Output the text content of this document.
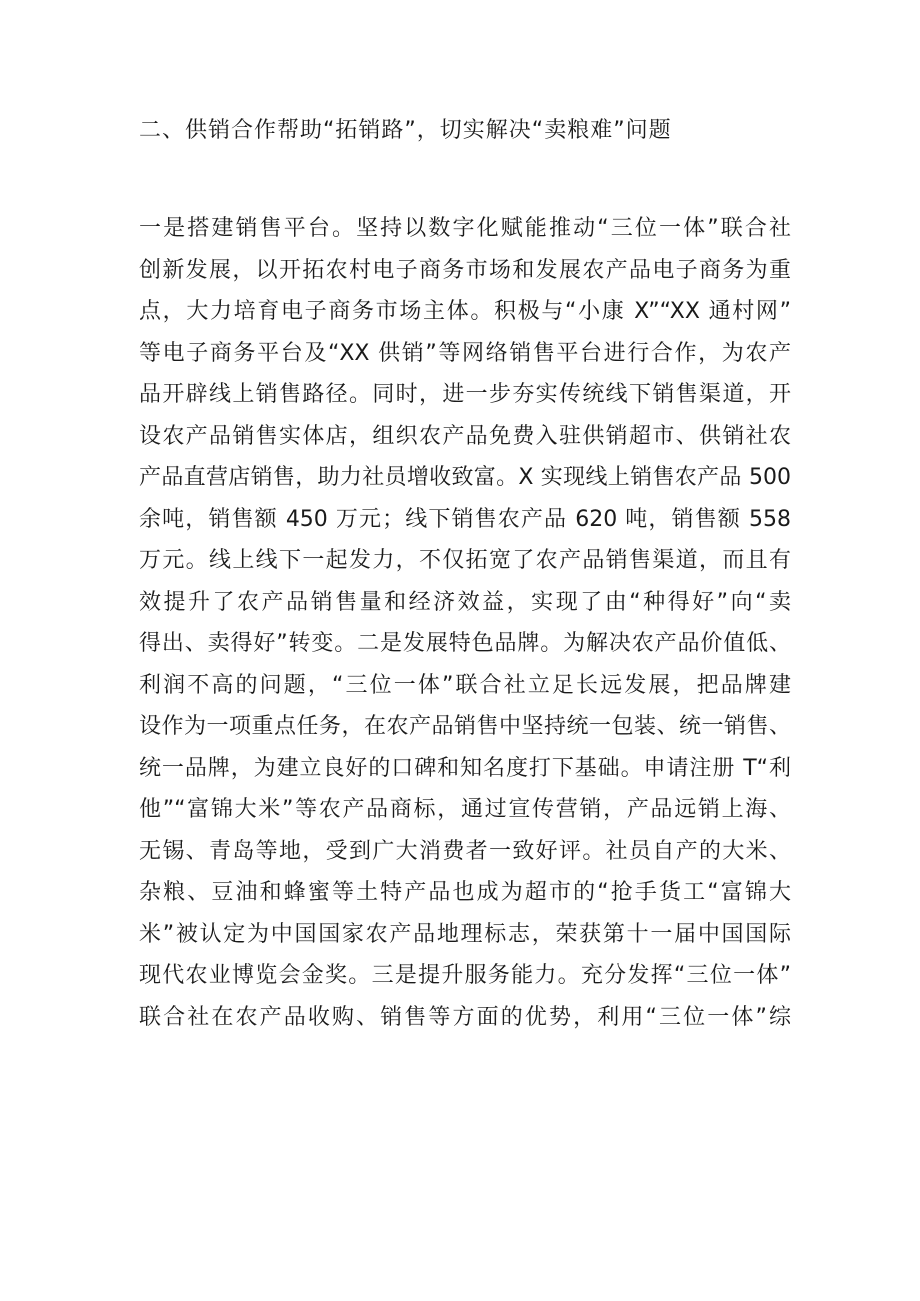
二、供销合作帮助“拓销路”，切实解决“卖粮难”问题
一是搭建销售平台。坚持以数字化赋能推动“三位一体”联合社
创新发展，以开拓农村电子商务市场和发展农产品电子商务为重
点，大力培育电子商务市场主体。积极与“小康 X”“XX 通村网”
等电子商务平台及“XX 供销”等网络销售平台进行合作，为农产
品开辟线上销售路径。同时，进一步夯实传统线下销售渠道，开
设农产品销售实体店，组织农产品免费入驻供销超市、供销社农
产品直营店销售，助力社员增收致富。X 实现线上销售农产品 500
余吨，销售额 450 万元；线下销售农产品 620 吨，销售额 558
万元。线上线下一起发力，不仅拓宽了农产品销售渠道，而且有
效提升了农产品销售量和经济效益，实现了由“种得好”向“卖
得出、卖得好”转变。二是发展特色品牌。为解决农产品价值低、
利润不高的问题，“三位一体”联合社立足长远发展，把品牌建
设作为一项重点任务，在农产品销售中坚持统一包装、统一销售、
统一品牌，为建立良好的口碑和知名度打下基础。申请注册 T“利
他”“富锦大米”等农产品商标，通过宣传营销，产品远销上海、
无锡、青岛等地，受到广大消费者一致好评。社员自产的大米、
杂粮、豆油和蜂蜜等土特产品也成为超市的“抢手货工“富锦大
米”被认定为中国国家农产品地理标志，荣获第十一届中国国际
现代农业博览会金奖。三是提升服务能力。充分发挥“三位一体”
联合社在农产品收购、销售等方面的优势，利用“三位一体”综
